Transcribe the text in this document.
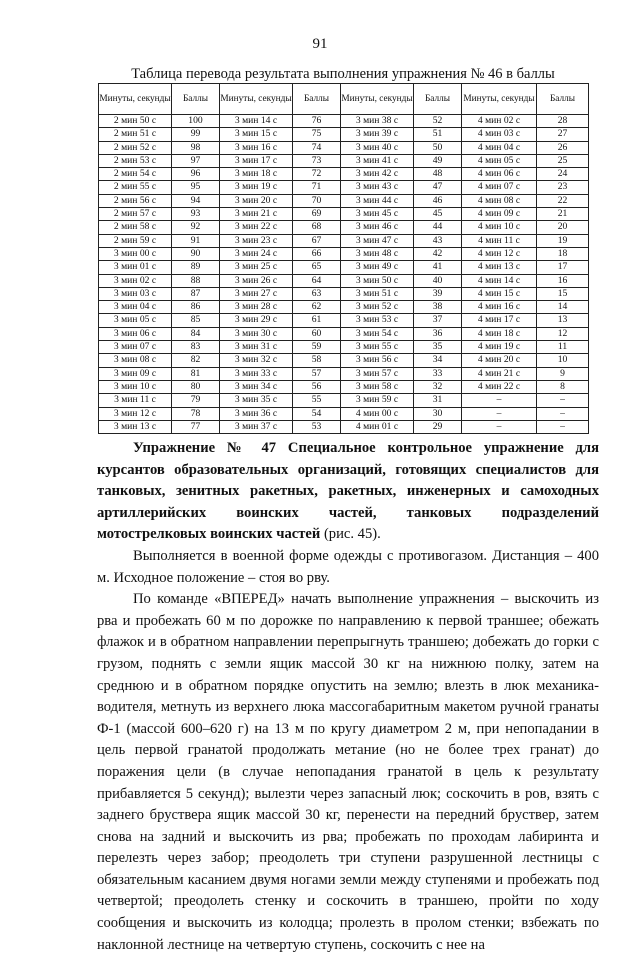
91
Таблица перевода результата выполнения упражнения № 46 в баллы
Минуты, секунды	Баллы	Минуты, секунды	Баллы	Минуты, секунды	Баллы	Минуты, секунды	Баллы
2 мин 50 с	100	3 мин 14 с	76	3 мин 38 с	52	4 мин 02 с	28
2 мин 51 с	99	3 мин 15 с	75	3 мин 39 с	51	4 мин 03 с	27
2 мин 52 с	98	3 мин 16 с	74	3 мин 40 с	50	4 мин 04 с	26
2 мин 53 с	97	3 мин 17 с	73	3 мин 41 с	49	4 мин 05 с	25
2 мин 54 с	96	3 мин 18 с	72	3 мин 42 с	48	4 мин 06 с	24
2 мин 55 с	95	3 мин 19 с	71	3 мин 43 с	47	4 мин 07 с	23
2 мин 56 с	94	3 мин 20 с	70	3 мин 44 с	46	4 мин 08 с	22
2 мин 57 с	93	3 мин 21 с	69	3 мин 45 с	45	4 мин 09 с	21
2 мин 58 с	92	3 мин 22 с	68	3 мин 46 с	44	4 мин 10 с	20
2 мин 59 с	91	3 мин 23 с	67	3 мин 47 с	43	4 мин 11 с	19
3 мин 00 с	90	3 мин 24 с	66	3 мин 48 с	42	4 мин 12 с	18
3 мин 01 с	89	3 мин 25 с	65	3 мин 49 с	41	4 мин 13 с	17
3 мин 02 с	88	3 мин 26 с	64	3 мин 50 с	40	4 мин 14 с	16
3 мин 03 с	87	3 мин 27 с	63	3 мин 51 с	39	4 мин 15 с	15
3 мин 04 с	86	3 мин 28 с	62	3 мин 52 с	38	4 мин 16 с	14
3 мин 05 с	85	3 мин 29 с	61	3 мин 53 с	37	4 мин 17 с	13
3 мин 06 с	84	3 мин 30 с	60	3 мин 54 с	36	4 мин 18 с	12
3 мин 07 с	83	3 мин 31 с	59	3 мин 55 с	35	4 мин 19 с	11
3 мин 08 с	82	3 мин 32 с	58	3 мин 56 с	34	4 мин 20 с	10
3 мин 09 с	81	3 мин 33 с	57	3 мин 57 с	33	4 мин 21 с	9
3 мин 10 с	80	3 мин 34 с	56	3 мин 58 с	32	4 мин 22 с	8
3 мин 11 с	79	3 мин 35 с	55	3 мин 59 с	31	–	–
3 мин 12 с	78	3 мин 36 с	54	4 мин 00 с	30	–	–
3 мин 13 с	77	3 мин 37 с	53	4 мин 01 с	29	–	–

Упражнение № 47 Специальное контрольное упражнение для курсантов образовательных организаций, готовящих специалистов для танковых, зенитных ракетных, ракетных, инженерных и самоходных артиллерийских воинских частей, танковых подразделений мотострелковых воинских частей (рис. 45).

Выполняется в военной форме одежды с противогазом. Дистанция – 400 м. Исходное положение – стоя во рву.

По команде «ВПЕРЕД» начать выполнение упражнения – выскочить из рва и пробежать 60 м по дорожке по направлению к первой траншее; обежать флажок и в обратном направлении перепрыгнуть траншею; добежать до горки с грузом, поднять с земли ящик массой 30 кг на нижнюю полку, затем на среднюю и в обратном порядке опустить на землю; влезть в люк механика-водителя, метнуть из верхнего люка массогабаритным макетом ручной гранаты Ф-1 (массой 600–620 г) на 13 м по кругу диаметром 2 м, при непопадании в цель первой гранатой продолжать метание (но не более трех гранат) до поражения цели (в случае непопадания гранатой в цель к результату прибавляется 5 секунд); вылезти через запасный люк; соскочить в ров, взять с заднего бруствера ящик массой 30 кг, перенести на передний бруствер, затем снова на задний и выскочить из рва; пробежать по проходам лабиринта и перелезть через забор; преодолеть три ступени разрушенной лестницы с обязательным касанием двумя ногами земли между ступенями и пробежать под четвертой; преодолеть стенку и соскочить в траншею, пройти по ходу сообщения и выскочить из колодца; пролезть в пролом стенки; взбежать по наклонной лестнице на четвертую ступень, соскочить с нее на
